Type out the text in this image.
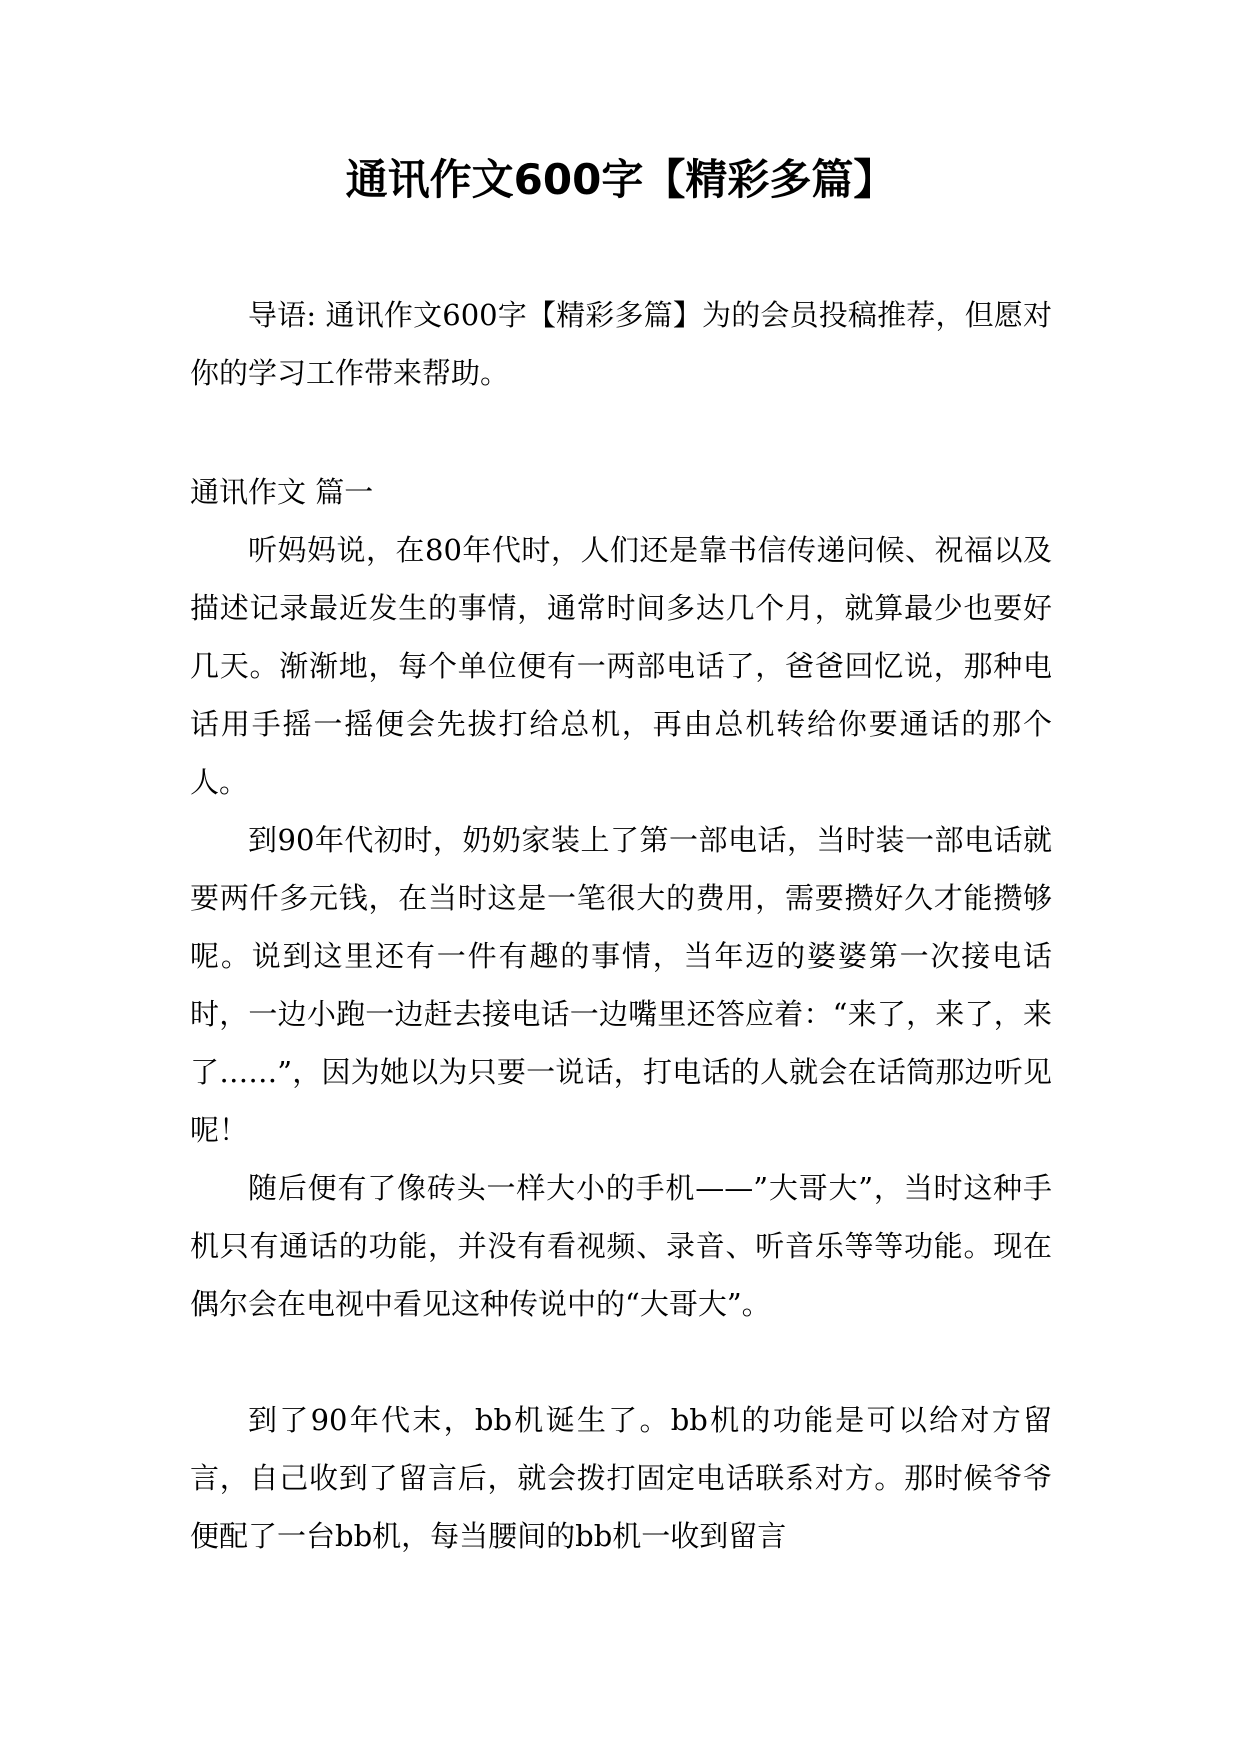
通讯作文600字【精彩多篇】

导语: 通讯作文600字【精彩多篇】为的会员投稿推荐，但愿对你的学习工作带来帮助。

通讯作文 篇一

听妈妈说，在80年代时，人们还是靠书信传递问候、祝福以及描述记录最近发生的事情，通常时间多达几个月，就算最少也要好几天。渐渐地，每个单位便有一两部电话了，爸爸回忆说，那种电话用手摇一摇便会先拔打给总机，再由总机转给你要通话的那个人。

到90年代初时，奶奶家装上了第一部电话，当时装一部电话就要两仟多元钱，在当时这是一笔很大的费用，需要攒好久才能攒够呢。说到这里还有一件有趣的事情，当年迈的婆婆第一次接电话时，一边小跑一边赶去接电话一边嘴里还答应着：“来了，来了，来了……”，因为她以为只要一说话，打电话的人就会在话筒那边听见呢！

随后便有了像砖头一样大小的手机——”大哥大”，当时这种手机只有通话的功能，并没有看视频、录音、听音乐等等功能。现在偶尔会在电视中看见这种传说中的“大哥大”。

到了90年代末，bb机诞生了。bb机的功能是可以给对方留言，自己收到了留言后，就会拨打固定电话联系对方。那时候爷爷便配了一台bb机，每当腰间的bb机一收到留言
